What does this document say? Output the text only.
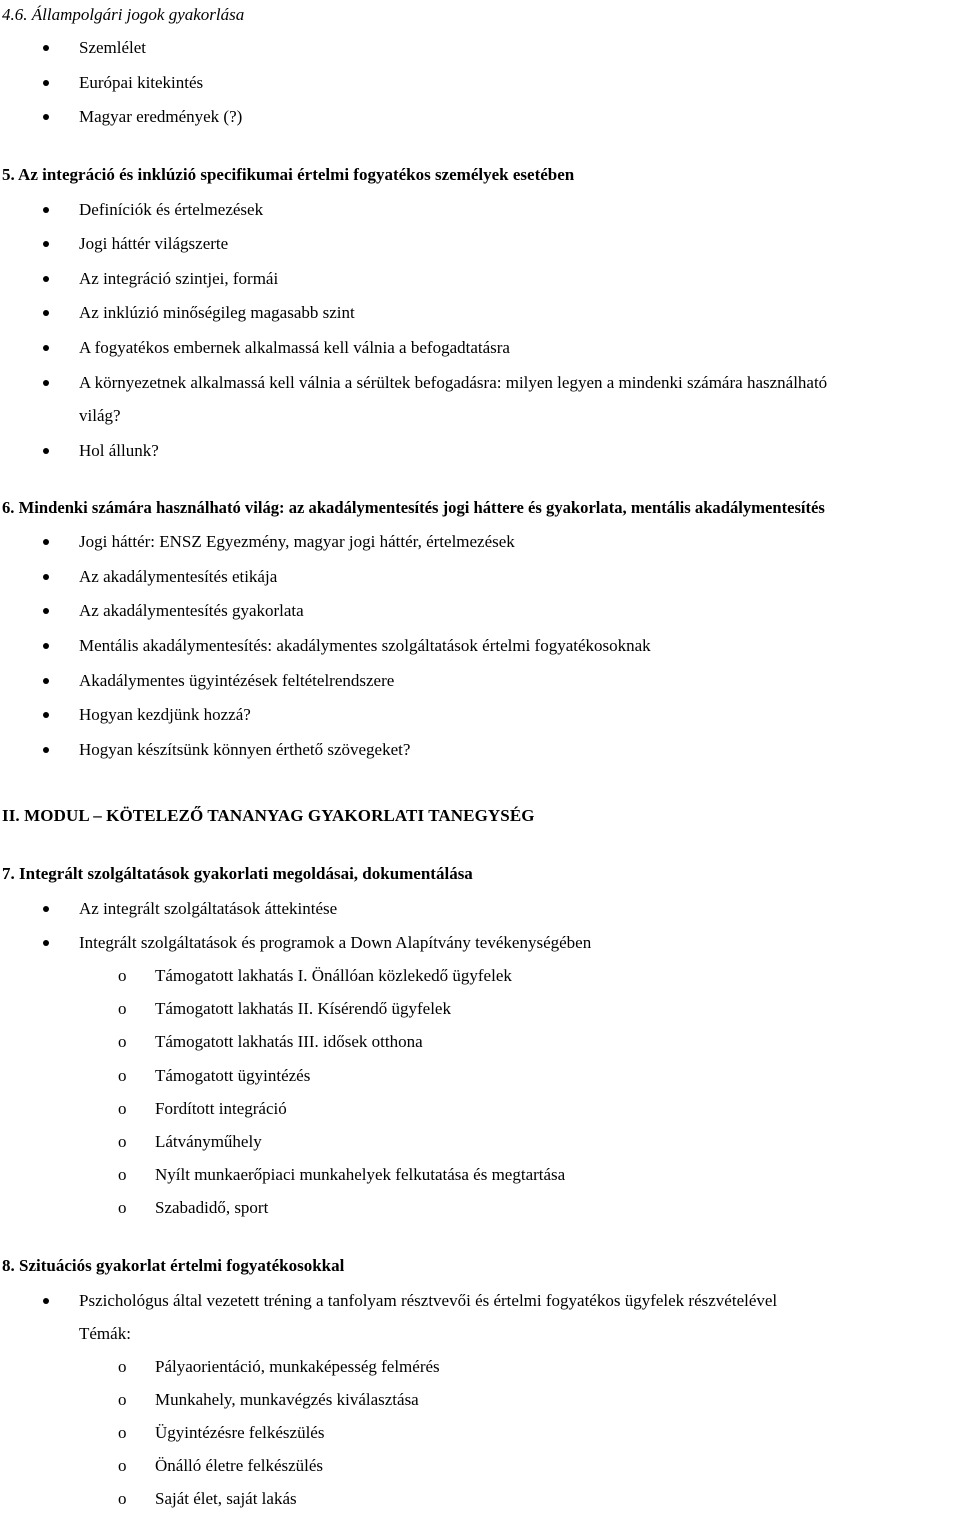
4.6. Állampolgári jogok gyakorlása
Szemlélet
Európai kitekintés
Magyar eredmények (?)
5. Az integráció és inklúzió specifikumai értelmi fogyatékos személyek esetében
Definíciók és értelmezések
Jogi háttér világszerte
Az integráció szintjei, formái
Az inklúzió minőségileg magasabb szint
A fogyatékos embernek alkalmassá kell válnia a befogadtatásra
A környezetnek alkalmassá kell válnia a sérültek befogadásra: milyen legyen a mindenki számára használható
világ?
Hol állunk?
6. Mindenki számára használható világ: az akadálymentesítés jogi háttere és gyakorlata, mentális akadálymentesítés
Jogi háttér: ENSZ Egyezmény, magyar jogi háttér, értelmezések
Az akadálymentesítés etikája
Az akadálymentesítés gyakorlata
Mentális akadálymentesítés: akadálymentes szolgáltatások értelmi fogyatékosoknak
Akadálymentes ügyintézések feltételrendszere
Hogyan kezdjünk hozzá?
Hogyan készítsünk könnyen érthető szövegeket?
II. MODUL – KÖTELEZŐ TANANYAG GYAKORLATI TANEGYSÉG
7. Integrált szolgáltatások gyakorlati megoldásai, dokumentálása
Az integrált szolgáltatások áttekintése
Integrált szolgáltatások és programok a Down Alapítvány tevékenységében
o Támogatott lakhatás I. Önállóan közlekedő ügyfelek
o Támogatott lakhatás II. Kísérendő ügyfelek
o Támogatott lakhatás III. idősek otthona
o Támogatott ügyintézés
o Fordított integráció
o Látványműhely
o Nyílt munkaerőpiaci munkahelyek felkutatása és megtartása
o Szabadidő, sport
8. Szituációs gyakorlat értelmi fogyatékosokkal
Pszichológus által vezetett tréning a tanfolyam résztvevői és értelmi fogyatékos ügyfelek részvételével
Témák:
o Pályaorientáció, munkaképesség felmérés
o Munkahely, munkavégzés kiválasztása
o Ügyintézésre felkészülés
o Önálló életre felkészülés
o Saját élet, saját lakás
